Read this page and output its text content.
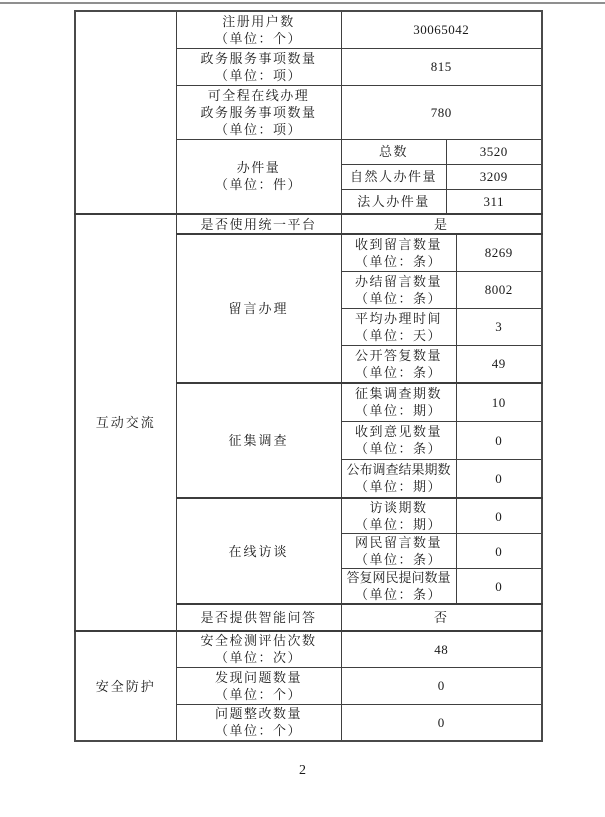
	注册用户数
（单位：个）	30065042		

	政务服务事项数量
（单位：项）	815		

	可全程在线办理
政务服务事项数量
（单位：项）	780		

	办件量
（单位：件）	总数	3520	
		自然人办件量	3209	
		法人办件量	311	
互动交流	是否使用统一平台	是		
	留言办理	收到留言数量
（单位：条）		8269

		办结留言数量
（单位：条）		8002

		平均办理时间
（单位：天）		3

		公开答复数量
（单位：条）		49
	征集调查	征集调查期数
（单位：期）		10

		收到意见数量
（单位：条）		0

		公布调查结果期数
（单位：期）		0
	在线访谈	访谈期数
（单位：期）		0

		网民留言数量
（单位：条）		0

		答复网民提问数量
（单位：条）		0
	是否提供智能问答	否		
安全防护	安全检测评估次数
（单位：次）	48		

	发现问题数量
（单位：个）	0		

	问题整改数量
（单位：个）	0		
2
